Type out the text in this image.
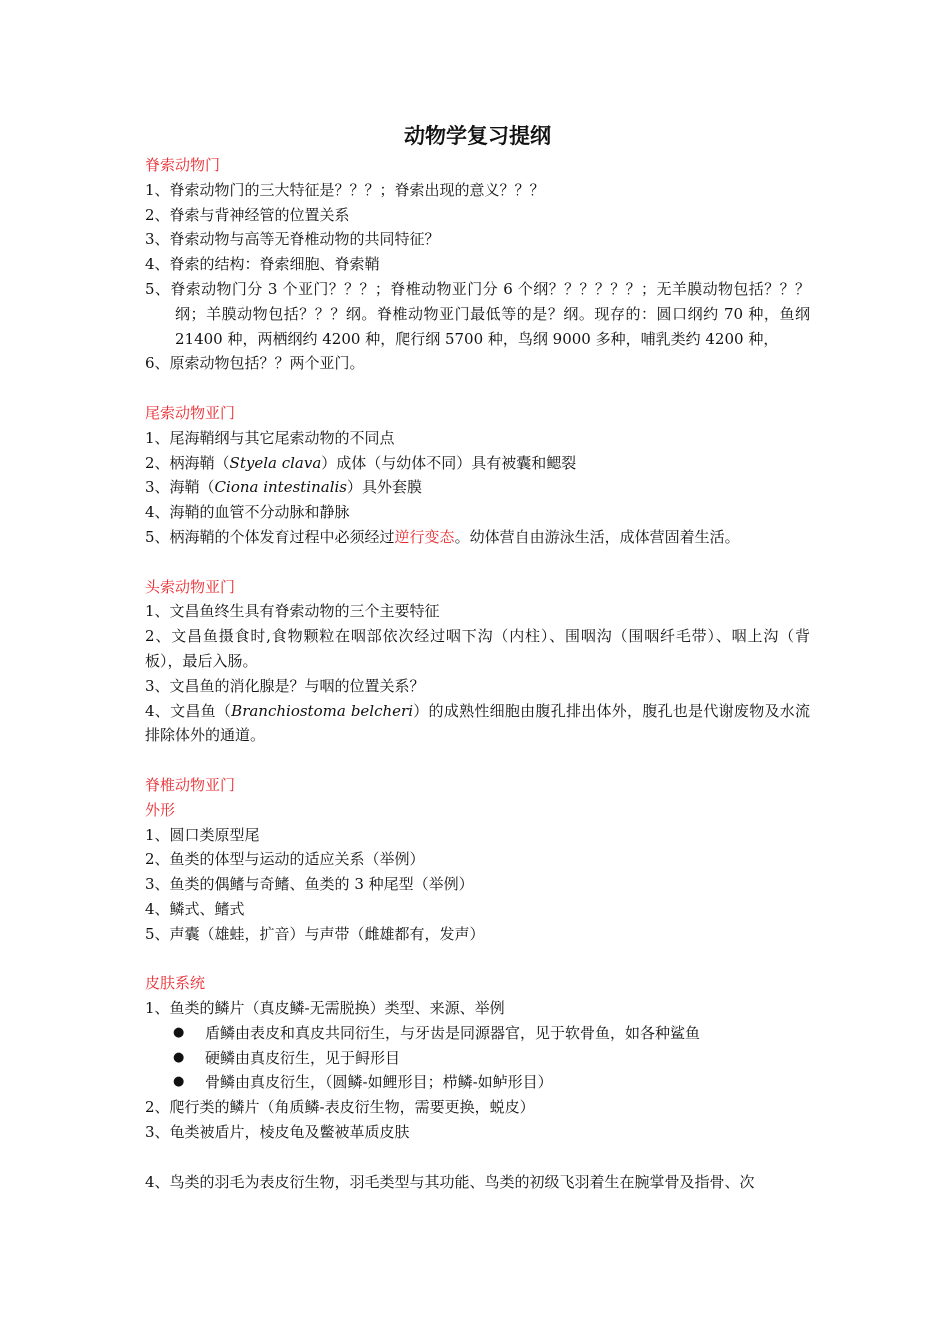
动物学复习提纲

脊索动物门

1、脊索动物门的三大特征是？？？；脊索出现的意义？？？

2、脊索与背神经管的位置关系

3、脊索动物与高等无脊椎动物的共同特征？

4、脊索的结构：脊索细胞、脊索鞘

5、脊索动物门分 3 个亚门？？？；脊椎动物亚门分 6 个纲？？？？？？；无羊膜动物包括？？？纲；羊膜动物包括？？？纲。脊椎动物亚门最低等的是？纲。现存的：圆口纲约 70 种，鱼纲 21400 种，两栖纲约 4200 种，爬行纲 5700 种，鸟纲 9000 多种，哺乳类约 4200 种，

6、原索动物包括？？两个亚门。

尾索动物亚门

1、尾海鞘纲与其它尾索动物的不同点

2、柄海鞘（Styela clava）成体（与幼体不同）具有被囊和鳃裂

3、海鞘（Ciona intestinalis）具外套膜

4、海鞘的血管不分动脉和静脉

5、柄海鞘的个体发育过程中必须经过逆行变态。幼体营自由游泳生活，成体营固着生活。

头索动物亚门

1、文昌鱼终生具有脊索动物的三个主要特征

2、文昌鱼摄食时,食物颗粒在咽部依次经过咽下沟（内柱）、围咽沟（围咽纤毛带）、咽上沟（背板），最后入肠。

3、文昌鱼的消化腺是？与咽的位置关系？

4、文昌鱼（Branchiostoma belcheri）的成熟性细胞由腹孔排出体外，腹孔也是代谢废物及水流排除体外的通道。

脊椎动物亚门

外形

1、圆口类原型尾

2、鱼类的体型与运动的适应关系（举例）

3、鱼类的偶鳍与奇鳍、鱼类的 3 种尾型（举例）

4、鳞式、鳍式

5、声囊（雄蛙，扩音）与声带（雌雄都有，发声）

皮肤系统

1、鱼类的鳞片（真皮鳞-无需脱换）类型、来源、举例

● 盾鳞由表皮和真皮共同衍生，与牙齿是同源器官，见于软骨鱼，如各种鲨鱼

● 硬鳞由真皮衍生，见于鲟形目

● 骨鳞由真皮衍生，（圆鳞-如鲤形目；栉鳞-如鲈形目）

2、爬行类的鳞片（角质鳞-表皮衍生物，需要更换，蜕皮）

3、龟类被盾片，棱皮龟及鳖被革质皮肤

4、鸟类的羽毛为表皮衍生物，羽毛类型与其功能、鸟类的初级飞羽着生在腕掌骨及指骨、次
